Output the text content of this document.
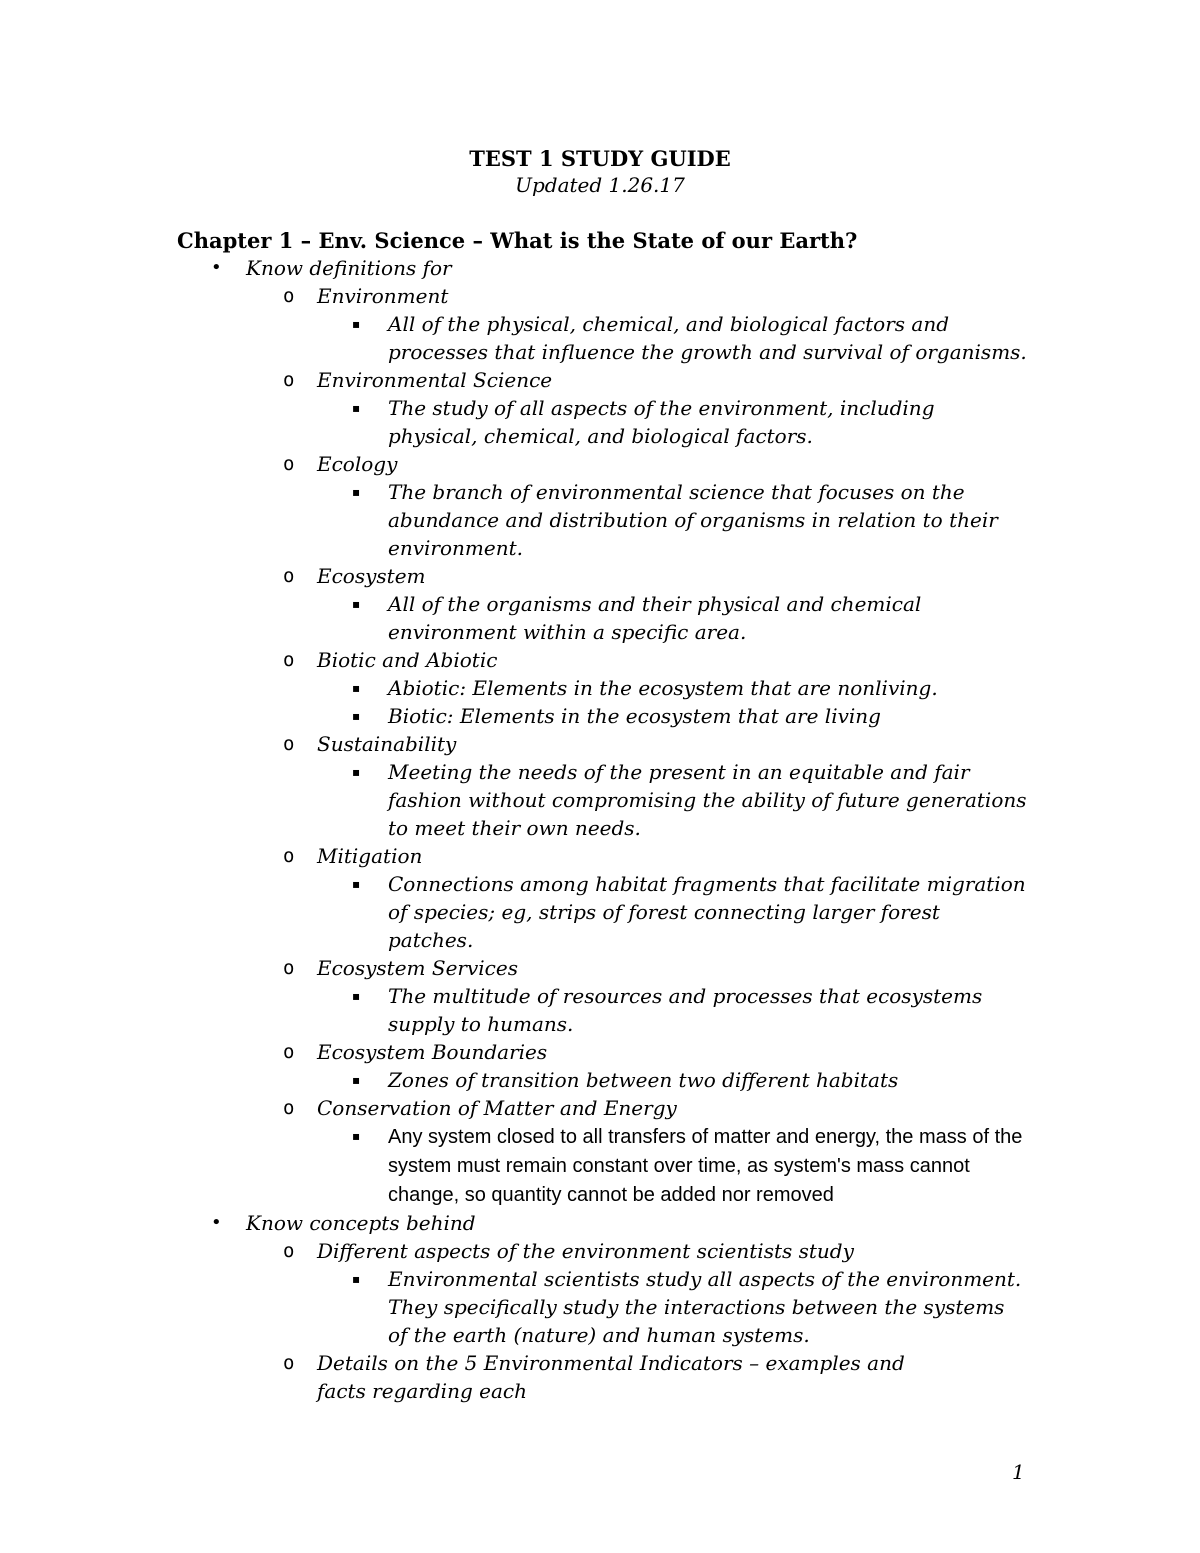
TEST 1 STUDY GUIDE
Updated 1.26.17
Chapter 1 – Env. Science – What is the State of our Earth?
• Know definitions for
o Environment
▪ All of the physical, chemical, and biological factors and processes that influence the growth and survival of organisms.
o Environmental Science
▪ The study of all aspects of the environment, including physical, chemical, and biological factors.
o Ecology
▪ The branch of environmental science that focuses on the abundance and distribution of organisms in relation to their environment.
o Ecosystem
▪ All of the organisms and their physical and chemical environment within a specific area.
o Biotic and Abiotic
▪ Abiotic: Elements in the ecosystem that are nonliving.
▪ Biotic: Elements in the ecosystem that are living
o Sustainability
▪ Meeting the needs of the present in an equitable and fair fashion without compromising the ability of future generations to meet their own needs.
o Mitigation
▪ Connections among habitat fragments that facilitate migration of species; eg, strips of forest connecting larger forest patches.
o Ecosystem Services
▪ The multitude of resources and processes that ecosystems supply to humans.
o Ecosystem Boundaries
▪ Zones of transition between two different habitats
o Conservation of Matter and Energy
▪ Any system closed to all transfers of matter and energy, the mass of the system must remain constant over time, as system's mass cannot change, so quantity cannot be added nor removed
• Know concepts behind
o Different aspects of the environment scientists study
▪ Environmental scientists study all aspects of the environment. They specifically study the interactions between the systems of the earth (nature) and human systems.
o Details on the 5 Environmental Indicators – examples and facts regarding each
1
